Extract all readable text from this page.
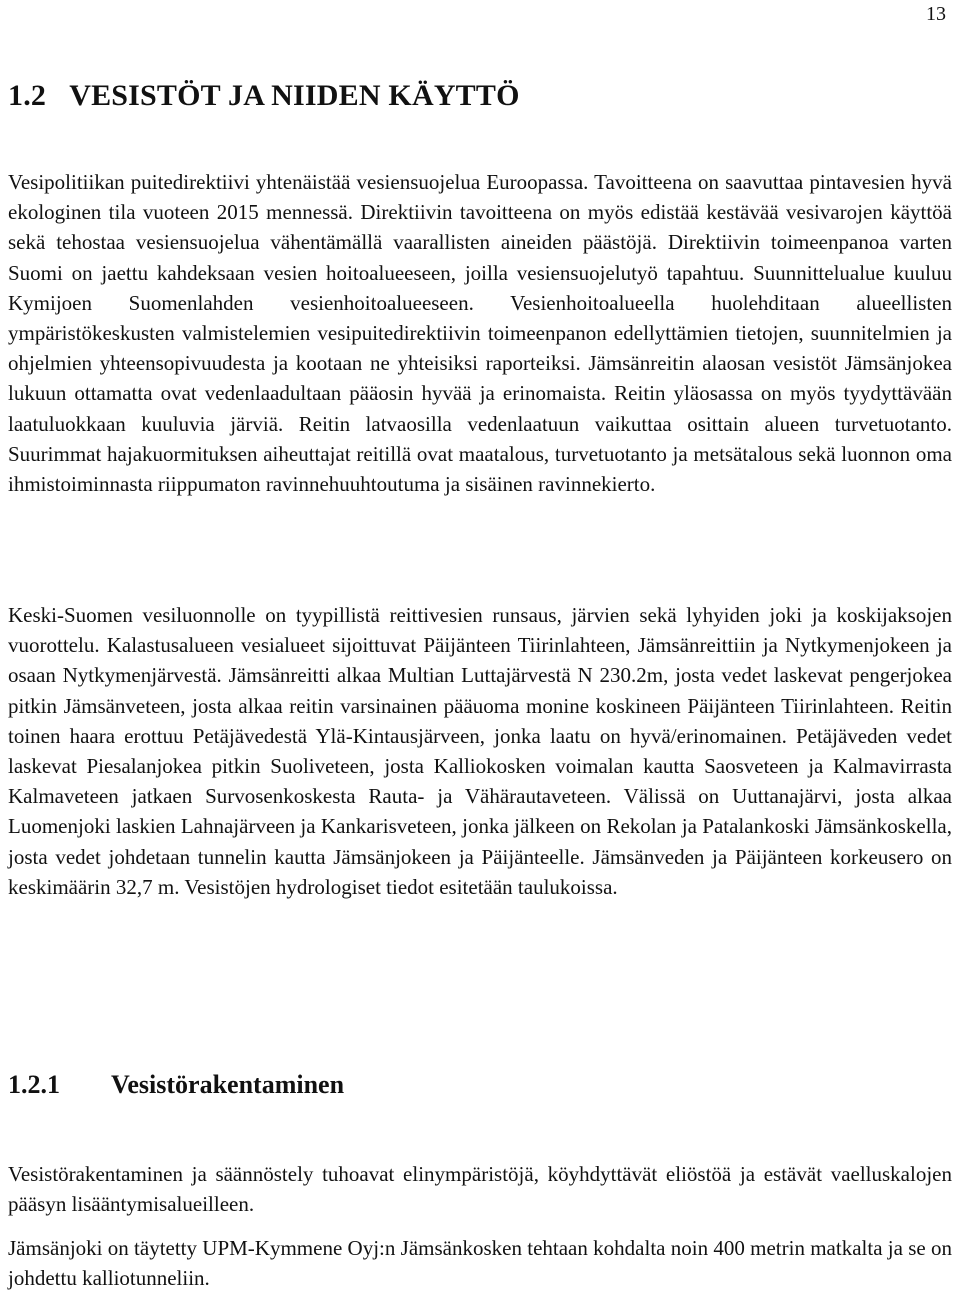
13
1.2 VESISTÖT JA NIIDEN KÄYTTÖ

Vesipolitiikan puitedirektiivi yhtenäistää vesiensuojelua Euroopassa. Tavoitteena on saavuttaa pintavesien hyvä ekologinen tila vuoteen 2015 mennessä. Direktiivin tavoitteena on myös edistää kestävää vesivarojen käyttöä sekä tehostaa vesiensuojelua vähentämällä vaarallisten aineiden päästöjä. Direktiivin toimeenpanoa varten Suomi on jaettu kahdeksaan vesien hoitoalueeseen, joilla vesiensuojelutyö tapahtuu. Suunnittelualue kuuluu Kymijoen Suomenlahden vesienhoitoalueeseen. Vesienhoitoalueella huolehditaan alueellisten ympäristökeskusten valmistelemien vesipuitedirektiivin toimeenpanon edellyttämien tietojen, suunnitelmien ja ohjelmien yhteensopivuudesta ja kootaan ne yhteisiksi raporteiksi. Jämsänreitin alaosan vesistöt Jämsänjokea lukuun ottamatta ovat vedenlaadultaan pääosin hyvää ja erinomaista. Reitin yläosassa on myös tyydyttävään laatuluokkaan kuuluvia järviä. Reitin latvaosilla vedenlaatuun vaikuttaa osittain alueen turvetuotanto. Suurimmat hajakuormituksen aiheuttajat reitillä ovat maatalous, turvetuotanto ja metsätalous sekä luonnon oma ihmistoiminnasta riippumaton ravinnehuuhtoutuma ja sisäinen ravinnekierto.

Keski-Suomen vesiluonnolle on tyypillistä reittivesien runsaus, järvien sekä lyhyiden joki ja koskijaksojen vuorottelu. Kalastusalueen vesialueet sijoittuvat Päijänteen Tiirinlahteen, Jämsänreittiin ja Nytkymenjokeen ja osaan Nytkymenjärvestä. Jämsänreitti alkaa Multian Luttajärvestä N 230.2m, josta vedet laskevat pengerjokea pitkin Jämsänveteen, josta alkaa reitin varsinainen pääuoma monine koskineen Päijänteen Tiirinlahteen. Reitin toinen haara erottuu Petäjävedestä Ylä-Kintausjärveen, jonka laatu on hyvä/erinomainen. Petäjäveden vedet laskevat Piesalanjokea pitkin Suoliveteen, josta Kalliokosken voimalan kautta Saosveteen ja Kalmavirrasta Kalmaveteen jatkaen Survosenkoskesta Rauta- ja Vähärautaveteen. Välissä on Uuttanajärvi, josta alkaa Luomenjoki laskien Lahnajärveen ja Kankarisveteen, jonka jälkeen on Rekolan ja Patalankoski Jämsänkoskella, josta vedet johdetaan tunnelin kautta Jämsänjokeen ja Päijänteelle. Jämsänveden ja Päijänteen korkeusero on keskimäärin 32,7 m. Vesistöjen hydrologiset tiedot esitetään taulukoissa.

1.2.1 Vesistörakentaminen

Vesistörakentaminen ja säännöstely tuhoavat elinympäristöjä, köyhdyttävät eliöstöä ja estävät vaelluskalojen pääsyn lisääntymisalueilleen.

Jämsänjoki on täytetty UPM-Kymmene Oyj:n Jämsänkosken tehtaan kohdalta noin 400 metrin matkalta ja se on johdettu kalliotunneliin.
